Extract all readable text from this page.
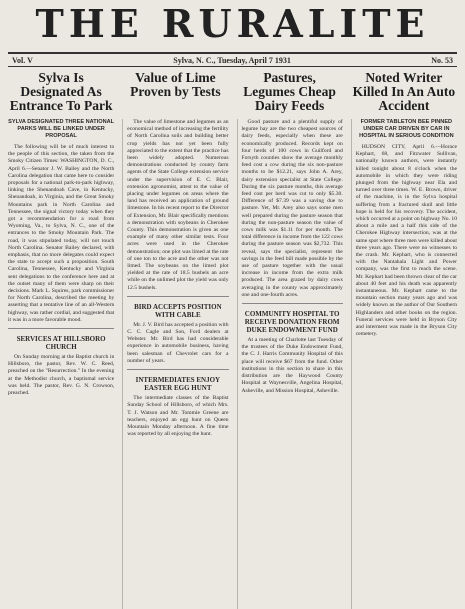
THE RURALITE
Vol. V	Sylva, N. C., Tuesday, April 7 1931	No. 53
Sylva Is Designated As Entrance To Park
Value of Lime Proven by Tests
Pastures, Legumes Cheap Dairy Feeds
Noted Writer Killed In An Auto Accident
SYLVA DESIGNATED THREE NATIONAL PARKS WILL BE LINKED UNDER PROPOSAL
The following will be of much interest to the people of this section, the taken from the Smoky Citizen Times: WASHINGTON, D. C., April 6.—Senator J. W. Bailey and the North Carolina delegation that came here to consider proposals for a national park-to-park highway, linking the Shenandoah Cave, in Kentucky, Shenandoah, in Virginia, and the Great Smoky Mountains park in North Carolina and Tennessee, the signal victory today when they got a recommendation for a road from Wyoming, Va., to Sylva, N. C., one of the entrances to the Smoky Mountain Park. The road, it was stipulated today, will not touch North Carolina. Senator Bailey declared, with emphasis, that no more delegates could expect the state to accept such a proposition. South Carolina, Tennessee, Kentucky and Virginia sent delegations to the conference here and at the outset many of them were sharp on their decisions. Mark L. Squires, park commissioner for North Carolina, described the meeting by asserting that a tentative line of an all-Western highway, was rather cordial, and suggested that it was in a more favorable mood.
SERVICES AT HILLSBORO CHURCH
On Sunday morning at the Baptist church in Hillsboro, the pastor, Rev. W. C. Reed, preached on the "Resurrection." In the evening at the Methodist church, a baptismal service was held. The pastor, Rev. G. N. Crowson, preached.
The value of limestone and legumes as an economical method of increasing the fertility of North Carolina soils and building better crop yields has not yet been fully appreciated to the extent that the practice has been widely adopted. Numerous demonstrations conducted by county farm agents of the State College extension service under the supervision of E. C. Blair, extension agronomist, attest to the value of placing under legumes on areas where the land has received an application of ground limestone. In his recent report to the Director of Extension, Mr. Blair specifically mentions a demonstration with soybeans in Cherokee County. This demonstration is given as one example of many other similar tests. Four acres were used in the Cherokee demonstration; one plot was limed at the rate of one ton to the acre and the other was not limed. The soybeans on the limed plot yielded at the rate of 18.5 bushels an acre while on the unlimed plot the yield was only 12.5 bushels.
BIRD ACCEPTS POSITION WITH CABLE
Mr. J. V. Bird has accepted a position with C. C. Cagle and Son, Ford dealers at Webster. Mr. Bird has had considerable experience in automobile business, having been salesman of Chevrolet cars for a number of years.
INTERMEDIATES ENJOY EASTER EGG HUNT
The intermediate classes of the Baptist Sunday School of Hillsboro, of which Mrs. T. J. Watson and Mr. Tommie Greene are teachers, enjoyed an egg hunt on Queen Mountain Monday afternoon. A fine time was reported by all enjoying the hunt.
Good pasture and a plentiful supply of legume hay are the two cheapest sources of dairy feeds, especially when these are economically produced. Records kept on four herds of 100 cows in Guilford and Forsyth counties show the average monthly feed cost a cow during the six non-pasture months to be $12.21, says John A. Arey, dairy extension specialist at State College. During the six pasture months, this average feed cost per herd was cut to only $5.30. Difference of $7.39 was a saving due to pasture. Yet, Mr. Arey also says some men well prepared during the pasture season that during the non-pasture season the value of cows milk was $1.11 for per month. The total difference in income from the 122 cows during the pasture season was $2,732. This reveal, says the specialist, represent the savings in the feed bill made possible by the use of pasture together with the usual increase in income from the extra milk produced. The area grazed by dairy cows averaging in the county was approximately one and one-fourth acres.
COMMUNITY HOSPITAL TO RECEIVE DONATION FROM DUKE ENDOWMENT FUND
At a meeting of Charlotte last Tuesday of the trustees of the Duke Endowment Fund, the C. J. Harris Community Hospital of this place will receive $67 from the fund. Other institutions in this section to share in this distribution are the Haywood County Hospital at Waynesville, Angelina Hospital, Asheville, and Mission Hospital, Asheville.
FORMER TABLETON BEE PINNED UNDER CAR DRIVEN BY CAR IN HOSPITAL IN SERIOUS CONDITION
HUDSON CITY, April 6.—Horace Kephart, 68, and Fitzwater Sullivan, nationally known authors, were instantly killed tonight about 8 o'clock when the automobile in which they were riding plunged from the highway near Ela and turned over three times. W. E. Brown, driver of the machine, is in the Sylva hospital suffering from a fractured skull and little hope is held for his recovery. The accident, which occurred at a point on highway No. 10 about a mile and a half this side of the Cherokee Highway intersection, was at the same spot where three men were killed about three years ago. There were no witnesses to the crash. Mr. Kephart, who is connected with the Nantahala Light and Power company, was the first to reach the scene. Mr. Kephart had been thrown clear of the car about 40 feet and his death was apparently instantaneous. Mr. Kephart came to the mountain section many years ago and was widely known as the author of Our Southern Highlanders and other books on the region. Funeral services were held in Bryson City and interment was made in the Bryson City cemetery.
